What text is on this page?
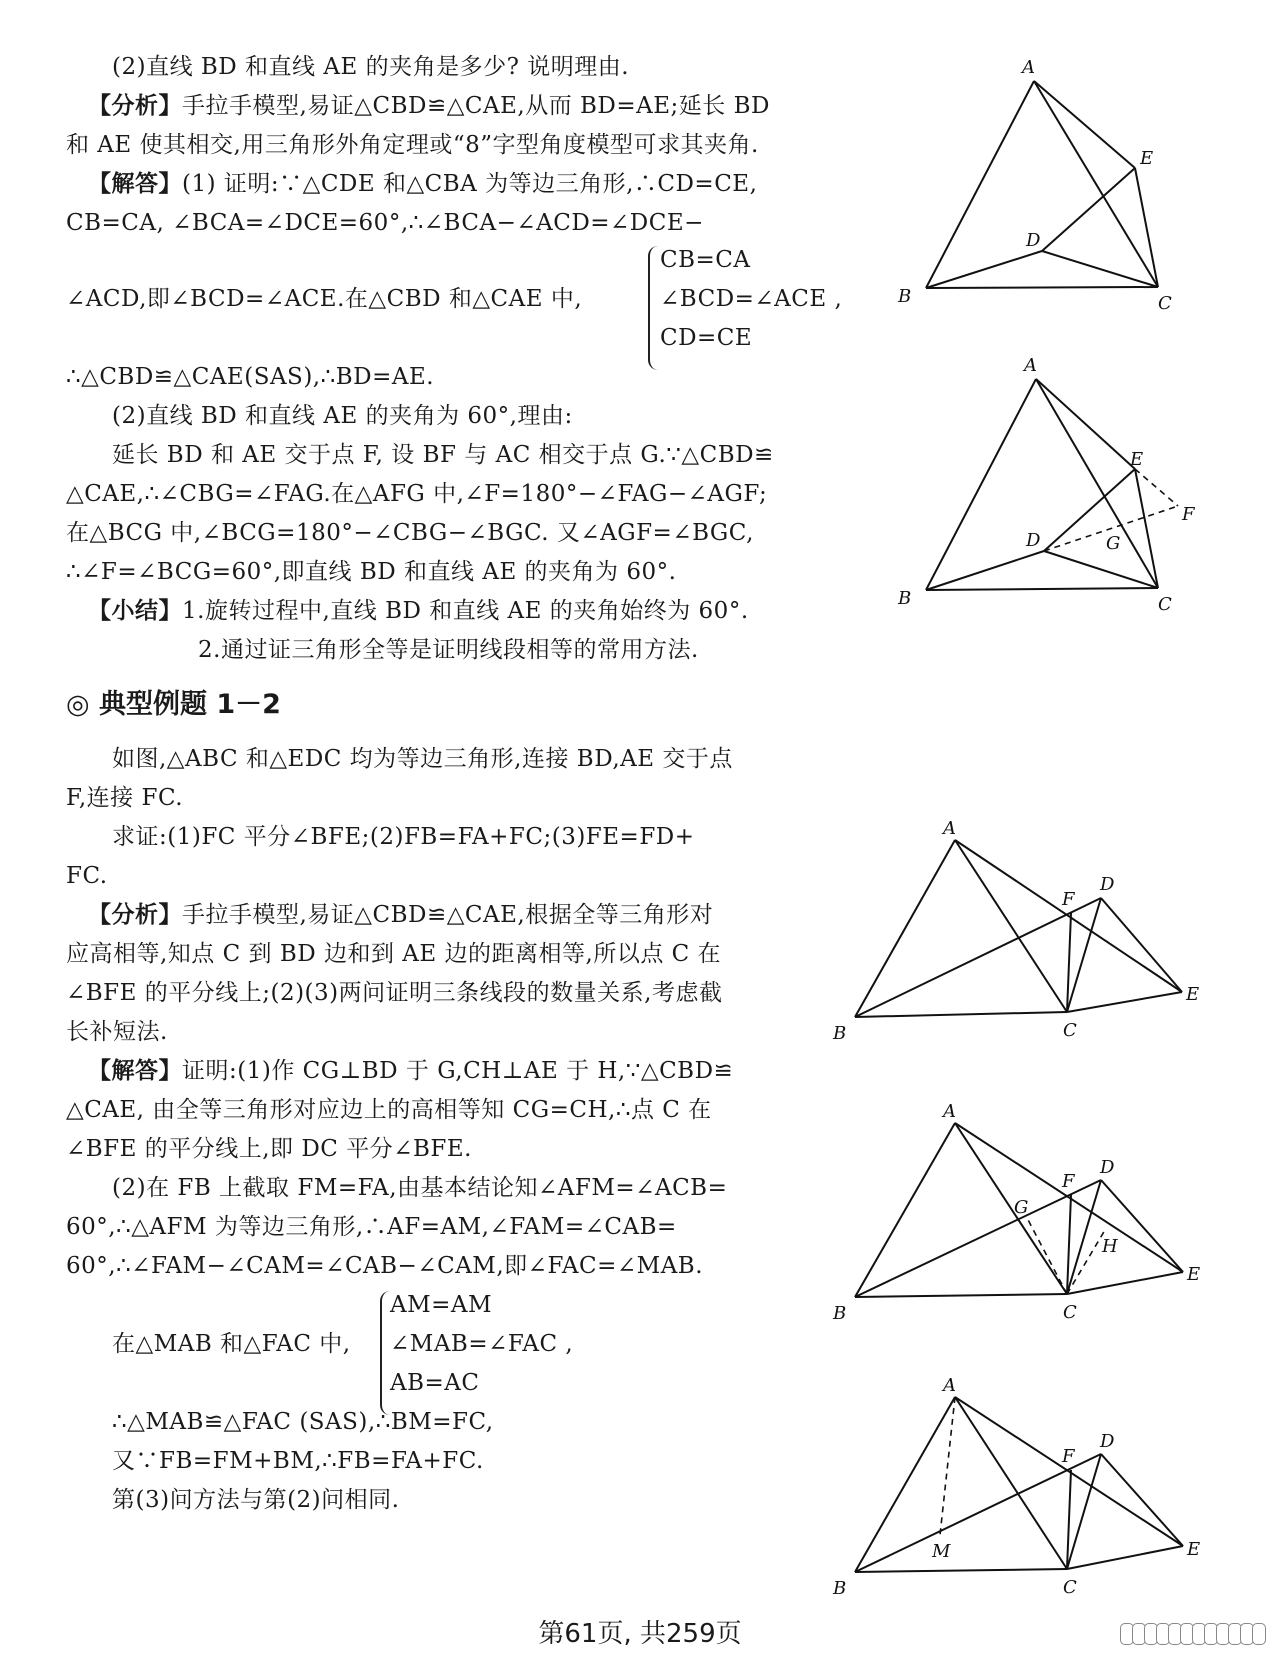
(2)直线 BD 和直线 AE 的夹角是多少? 说明理由.
【分析】手拉手模型,易证△CBD≌△CAE,从而 BD=AE;延长 BD
和 AE 使其相交,用三角形外角定理或“8”字型角度模型可求其夹角.
【解答】(1) 证明:∵△CDE 和△CBA 为等边三角形,∴CD=CE,
CB=CA, ∠BCA=∠DCE=60°,∴∠BCA−∠ACD=∠DCE−
∠ACD,即∠BCD=∠ACE.在△CBD 和△CAE 中,
CB=CA
∠BCD=∠ACE ,
CD=CE
∴△CBD≌△CAE(SAS),∴BD=AE.
(2)直线 BD 和直线 AE 的夹角为 60°,理由:
延长 BD 和 AE 交于点 F, 设 BF 与 AC 相交于点 G.∵△CBD≌
△CAE,∴∠CBG=∠FAG.在△AFG 中,∠F=180°−∠FAG−∠AGF;
在△BCG 中,∠BCG=180°−∠CBG−∠BGC. 又∠AGF=∠BGC,
∴∠F=∠BCG=60°,即直线 BD 和直线 AE 的夹角为 60°.
【小结】1.旋转过程中,直线 BD 和直线 AE 的夹角始终为 60°.
2.通过证三角形全等是证明线段相等的常用方法.
◎ 典型例题 1－2
如图,△ABC 和△EDC 均为等边三角形,连接 BD,AE 交于点
F,连接 FC.
求证:(1)FC 平分∠BFE;(2)FB=FA+FC;(3)FE=FD+
FC.
【分析】手拉手模型,易证△CBD≌△CAE,根据全等三角形对
应高相等,知点 C 到 BD 边和到 AE 边的距离相等,所以点 C 在
∠BFE 的平分线上;(2)(3)两问证明三条线段的数量关系,考虑截
长补短法.
【解答】证明:(1)作 CG⊥BD 于 G,CH⊥AE 于 H,∵△CBD≌
△CAE, 由全等三角形对应边上的高相等知 CG=CH,∴点 C 在
∠BFE 的平分线上,即 DC 平分∠BFE.
(2)在 FB 上截取 FM=FA,由基本结论知∠AFM=∠ACB=
60°,∴△AFM 为等边三角形,∴AF=AM,∠FAM=∠CAB=
60°,∴∠FAM−∠CAM=∠CAB−∠CAM,即∠FAC=∠MAB.
在△MAB 和△FAC 中,
AM=AM
∠MAB=∠FAC ,
AB=AC
∴△MAB≌△FAC (SAS),∴BM=FC,
又∵FB=FM+BM,∴FB=FA+FC.
第(3)问方法与第(2)问相同.
A
E
D
B	C
A
E
F
D	G
B	C
A
F
D
E
B	C
A
F
D
G
H
E
B	C
A
F
D
E
M
B	C
第61页, 共259页
